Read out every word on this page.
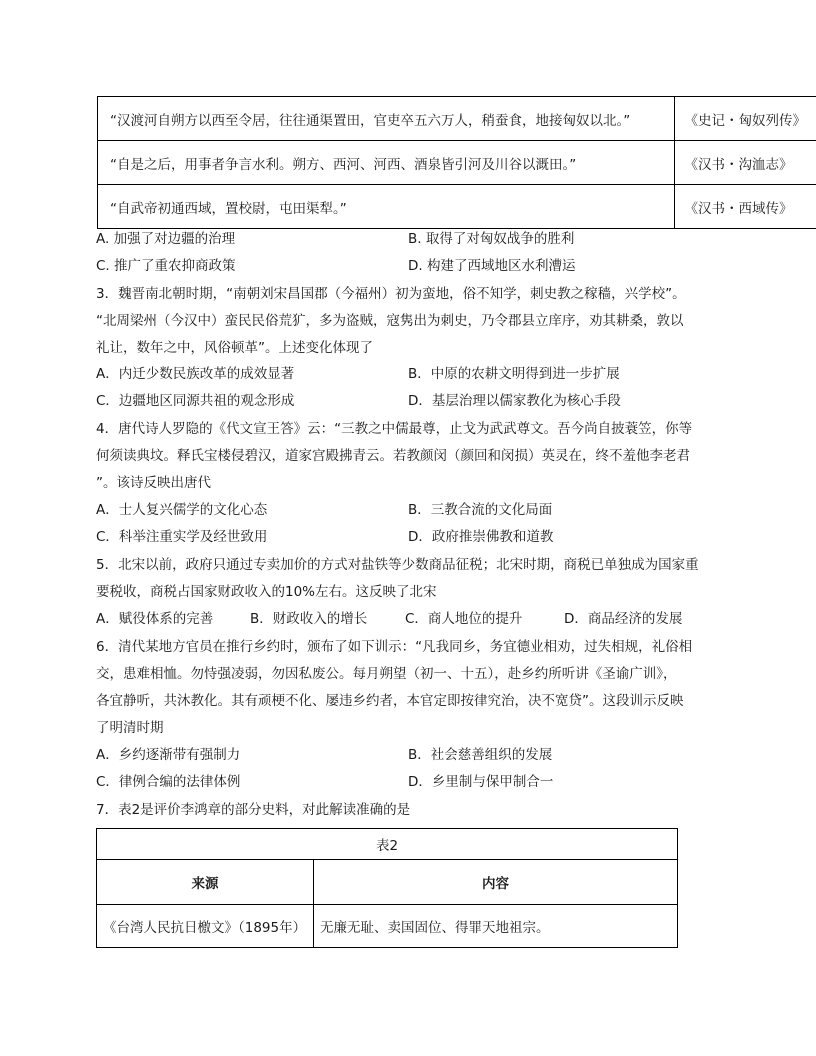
“汉渡河自朔方以西至令居，往往通渠置田，官吏卒五六万人，稍蚕食，地接匈奴以北。”	《史记・匈奴列传》
“自是之后，用事者争言水利。朔方、西河、河西、酒泉皆引河及川谷以溉田。”	《汉书・沟洫志》
“自武帝初通西域，置校尉，屯田渠犁。”	《汉书・西域传》
A. 加强了对边疆的治理	B. 取得了对匈奴战争的胜利
C. 推广了重农抑商政策	D. 构建了西域地区水利漕运
3．魏晋南北朝时期，“南朝刘宋昌国郡（今福州）初为蛮地，俗不知学，刺史教之稼穑，兴学校”。
“北周梁州（今汉中）蛮民民俗荒犷，多为盗贼，寇隽出为刺史，乃令郡县立庠序，劝其耕桑，敦以
礼让，数年之中，风俗顿革”。上述变化体现了
A．内迁少数民族改革的成效显著	B．中原的农耕文明得到进一步扩展
C．边疆地区同源共祖的观念形成	D．基层治理以儒家教化为核心手段
4．唐代诗人罗隐的《代文宣王答》云：“三教之中儒最尊，止戈为武武尊文。吾今尚自披蓑笠，你等
何须读典坟。释氏宝楼侵碧汉，道家宫殿拂青云。若教颜闵（颜回和闵损）英灵在，终不羞他李老君
”。该诗反映出唐代
A．士人复兴儒学的文化心态	B．三教合流的文化局面
C．科举注重实学及经世致用	D．政府推崇佛教和道教
5．北宋以前，政府只通过专卖加价的方式对盐铁等少数商品征税；北宋时期，商税已单独成为国家重
要税收，商税占国家财政收入的10%左右。这反映了北宋
A．赋役体系的完善	B．财政收入的增长	C．商人地位的提升	D．商品经济的发展
6．清代某地方官员在推行乡约时，颁布了如下训示：“凡我同乡，务宜德业相劝，过失相规，礼俗相
交，患难相恤。勿恃强凌弱，勿因私废公。每月朔望（初一、十五），赴乡约所听讲《圣谕广训》，
各宜静听，共沐教化。其有顽梗不化、屡违乡约者，本官定即按律究治，决不宽贷”。这段训示反映
了明清时期
A．乡约逐渐带有强制力	B．社会慈善组织的发展
C．律例合编的法律体例	D．乡里制与保甲制合一
7．表2是评价李鸿章的部分史料，对此解读准确的是
表2	
来源	内容
《台湾人民抗日檄文》（1895年）	无廉无耻、卖国固位、得罪天地祖宗。
